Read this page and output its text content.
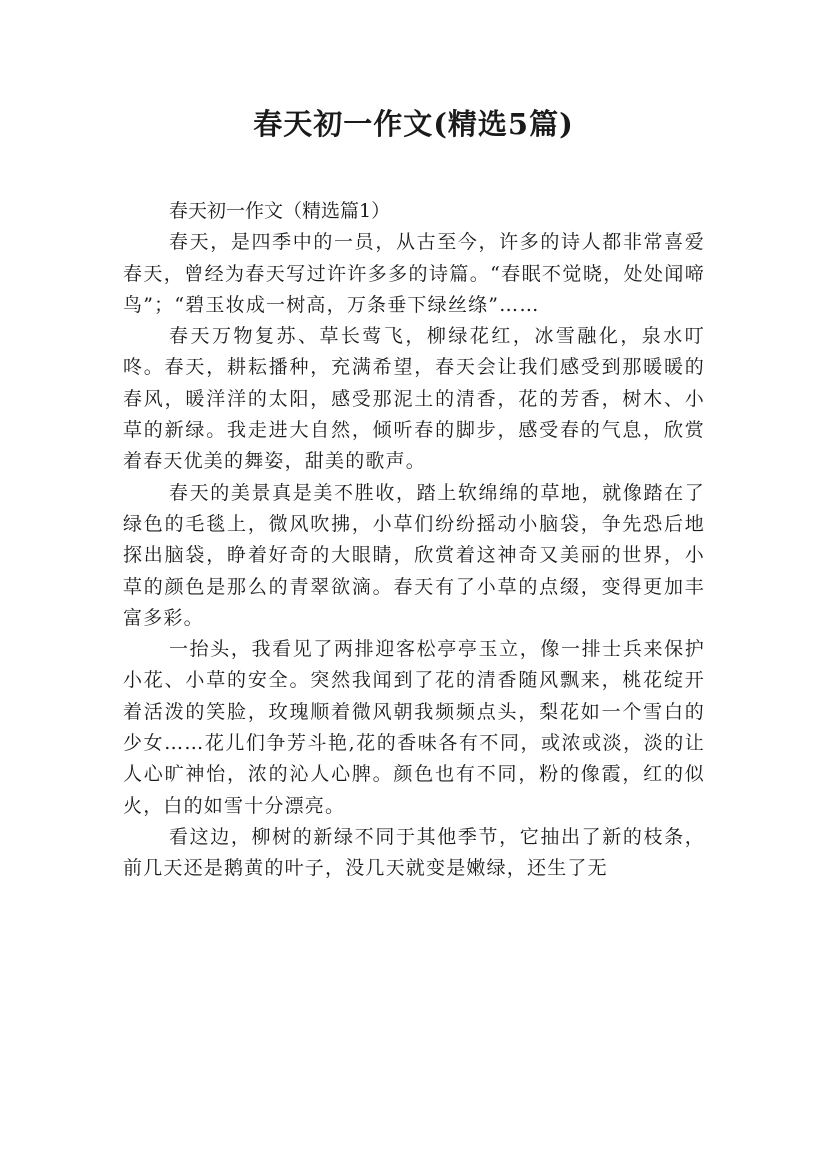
春天初一作文(精选5篇)

春天初一作文（精选篇1）

春天，是四季中的一员，从古至今，许多的诗人都非常喜爱春天，曾经为春天写过许许多多的诗篇。“春眠不觉晓，处处闻啼鸟”；“碧玉妆成一树高，万条垂下绿丝绦”……

春天万物复苏、草长莺飞，柳绿花红，冰雪融化，泉水叮咚。春天，耕耘播种，充满希望，春天会让我们感受到那暖暖的春风，暖洋洋的太阳，感受那泥土的清香，花的芳香，树木、小草的新绿。我走进大自然，倾听春的脚步，感受春的气息，欣赏着春天优美的舞姿，甜美的歌声。

春天的美景真是美不胜收，踏上软绵绵的草地，就像踏在了绿色的毛毯上，微风吹拂，小草们纷纷摇动小脑袋，争先恐后地探出脑袋，睁着好奇的大眼睛，欣赏着这神奇又美丽的世界，小草的颜色是那么的青翠欲滴。春天有了小草的点缀，变得更加丰富多彩。

一抬头，我看见了两排迎客松亭亭玉立，像一排士兵来保护小花、小草的安全。突然我闻到了花的清香随风飘来，桃花绽开着活泼的笑脸，玫瑰顺着微风朝我频频点头，梨花如一个雪白的少女……花儿们争芳斗艳,花的香味各有不同，或浓或淡，淡的让人心旷神怡，浓的沁人心脾。颜色也有不同，粉的像霞，红的似火，白的如雪十分漂亮。

看这边，柳树的新绿不同于其他季节，它抽出了新的枝条，前几天还是鹅黄的叶子，没几天就变是嫩绿，还生了无
